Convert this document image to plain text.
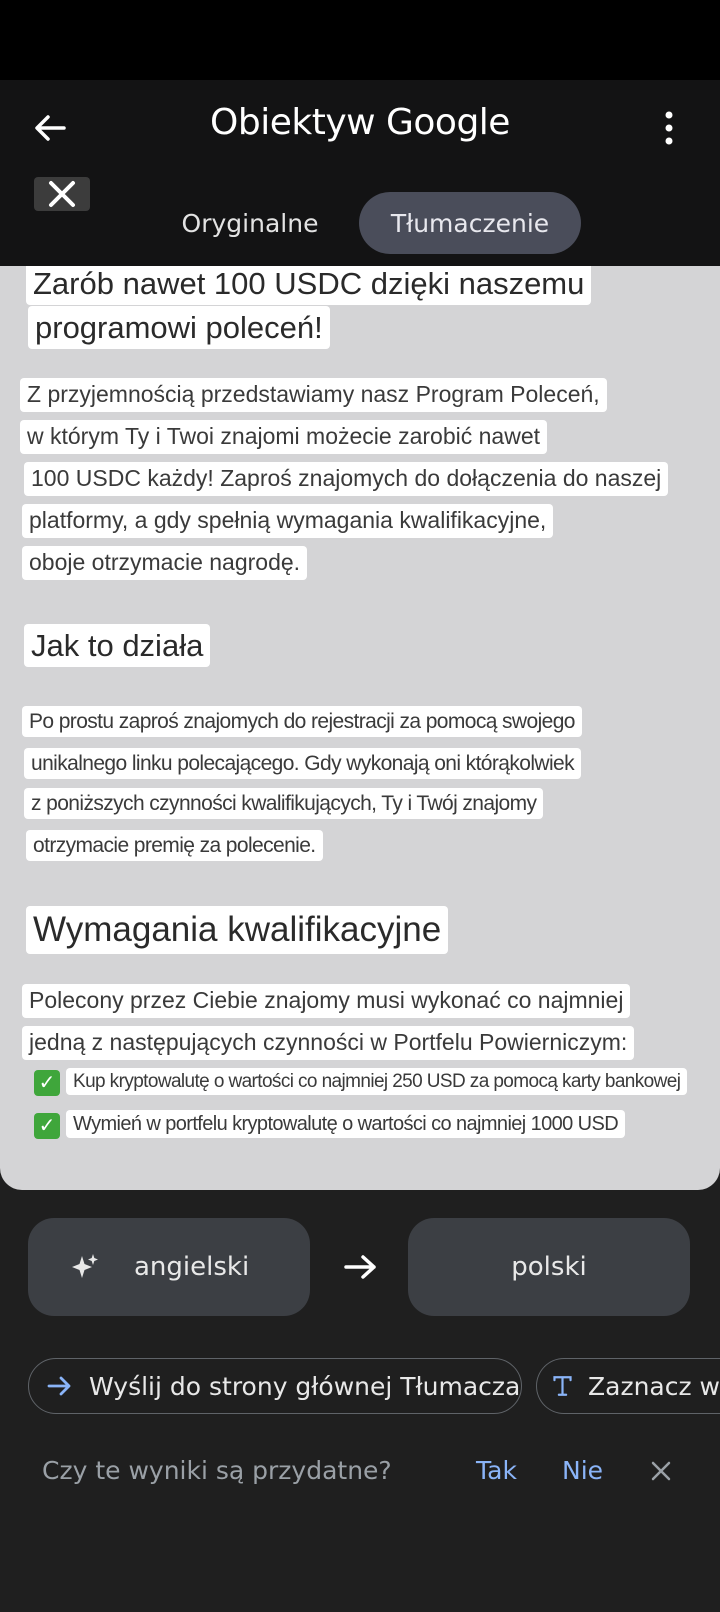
Obiektyw Google
Oryginalne	Tłumaczenie
Zarób nawet 100 USDC dzięki naszemu
programowi poleceń!
Z przyjemnością przedstawiamy nasz Program Poleceń,
w którym Ty i Twoi znajomi możecie zarobić nawet
100 USDC każdy! Zaproś znajomych do dołączenia do naszej
platformy, a gdy spełnią wymagania kwalifikacyjne,
oboje otrzymacie nagrodę.
Jak to działa
Po prostu zaproś znajomych do rejestracji za pomocą swojego
unikalnego linku polecającego. Gdy wykonają oni którąkolwiek
z poniższych czynności kwalifikujących, Ty i Twój znajomy
otrzymacie premię za polecenie.
Wymagania kwalifikacyjne
Polecony przez Ciebie znajomy musi wykonać co najmniej
jedną z następujących czynności w Portfelu Powierniczym:
✓ Kup kryptowalutę o wartości co najmniej 250 USD za pomocą karty bankowej
✓ Wymień w portfelu kryptowalutę o wartości co najmniej 1000 USD
angielski	polski
Wyślij do strony głównej Tłumacza	Zaznacz w
Czy te wyniki są przydatne?	Tak Nie
